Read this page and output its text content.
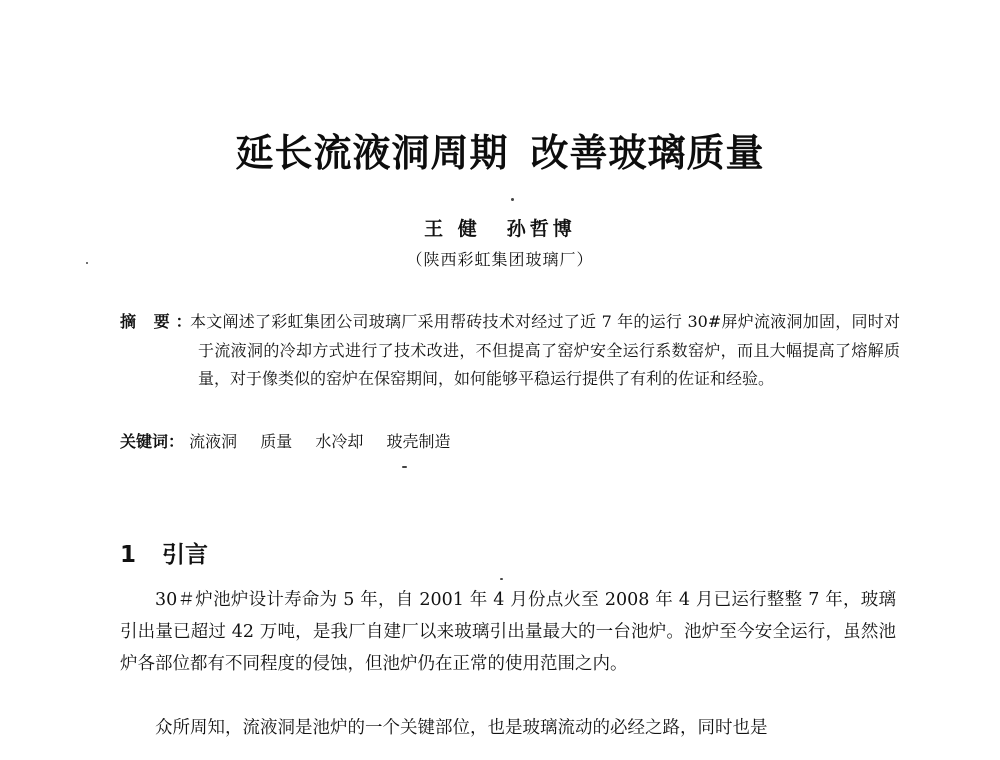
延长流液洞周期 改善玻璃质量
王 健 孙哲博
（陕西彩虹集团玻璃厂）
摘 要：
本文阐述了彩虹集团公司玻璃厂采用帮砖技术对经过了近 7 年的运行 30#屏炉流液洞加固，同时对于流液洞的冷却方式进行了技术改进，不但提高了窑炉安全运行系数窑炉，而且大幅提高了熔解质量，对于像类似的窑炉在保窑期间，如何能够平稳运行提供了有利的佐证和经验。
关键词： 流液洞 质量 水冷却 玻壳制造
1 引言
30＃炉池炉设计寿命为 5 年，自 2001 年 4 月份点火至 2008 年 4 月已运行整整 7 年，玻璃引出量已超过 42 万吨，是我厂自建厂以来玻璃引出量最大的一台池炉。池炉至今安全运行，虽然池炉各部位都有不同程度的侵蚀，但池炉仍在正常的使用范围之内。
众所周知，流液洞是池炉的一个关键部位，也是玻璃流动的必经之路，同时也是
